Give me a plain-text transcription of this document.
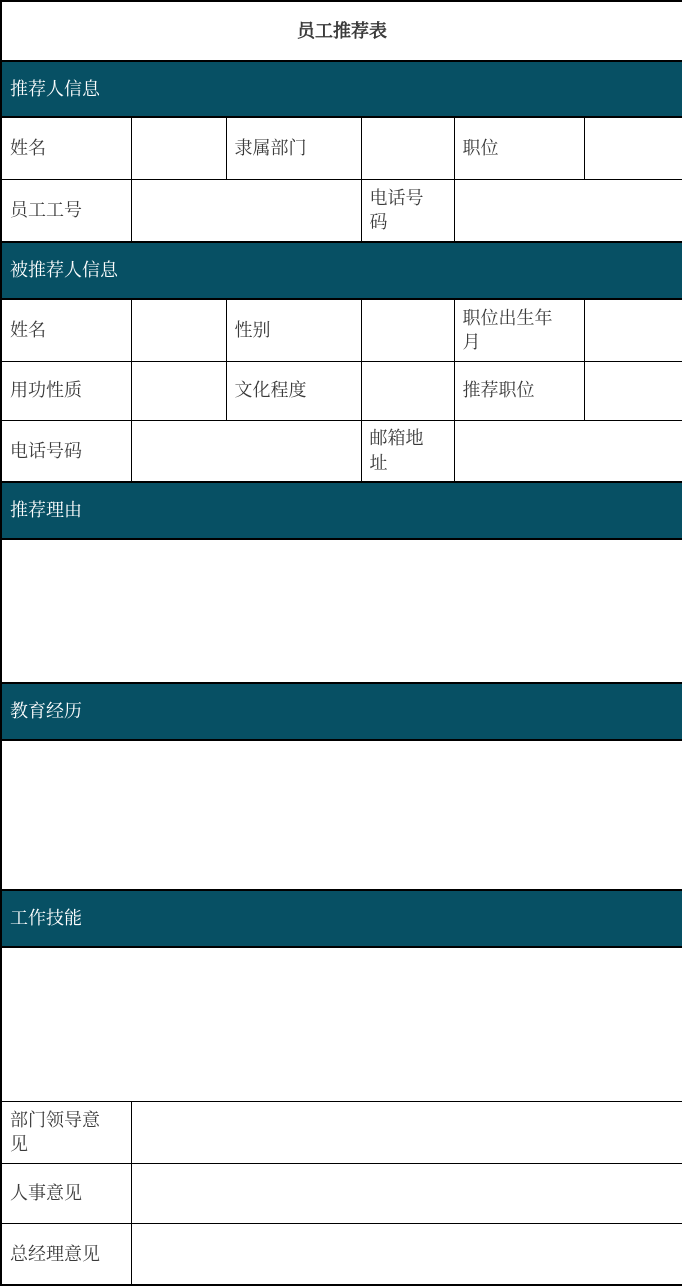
员工推荐表					
推荐人信息					
姓名		隶属部门		职位	
员工工号			电话号码		
被推荐人信息					
姓名		性别		职位出生年月	
用功性质		文化程度		推荐职位	
电话号码			邮箱地址		
推荐理由					

教育经历					

工作技能					

部门领导意见					
人事意见					
总经理意见					
